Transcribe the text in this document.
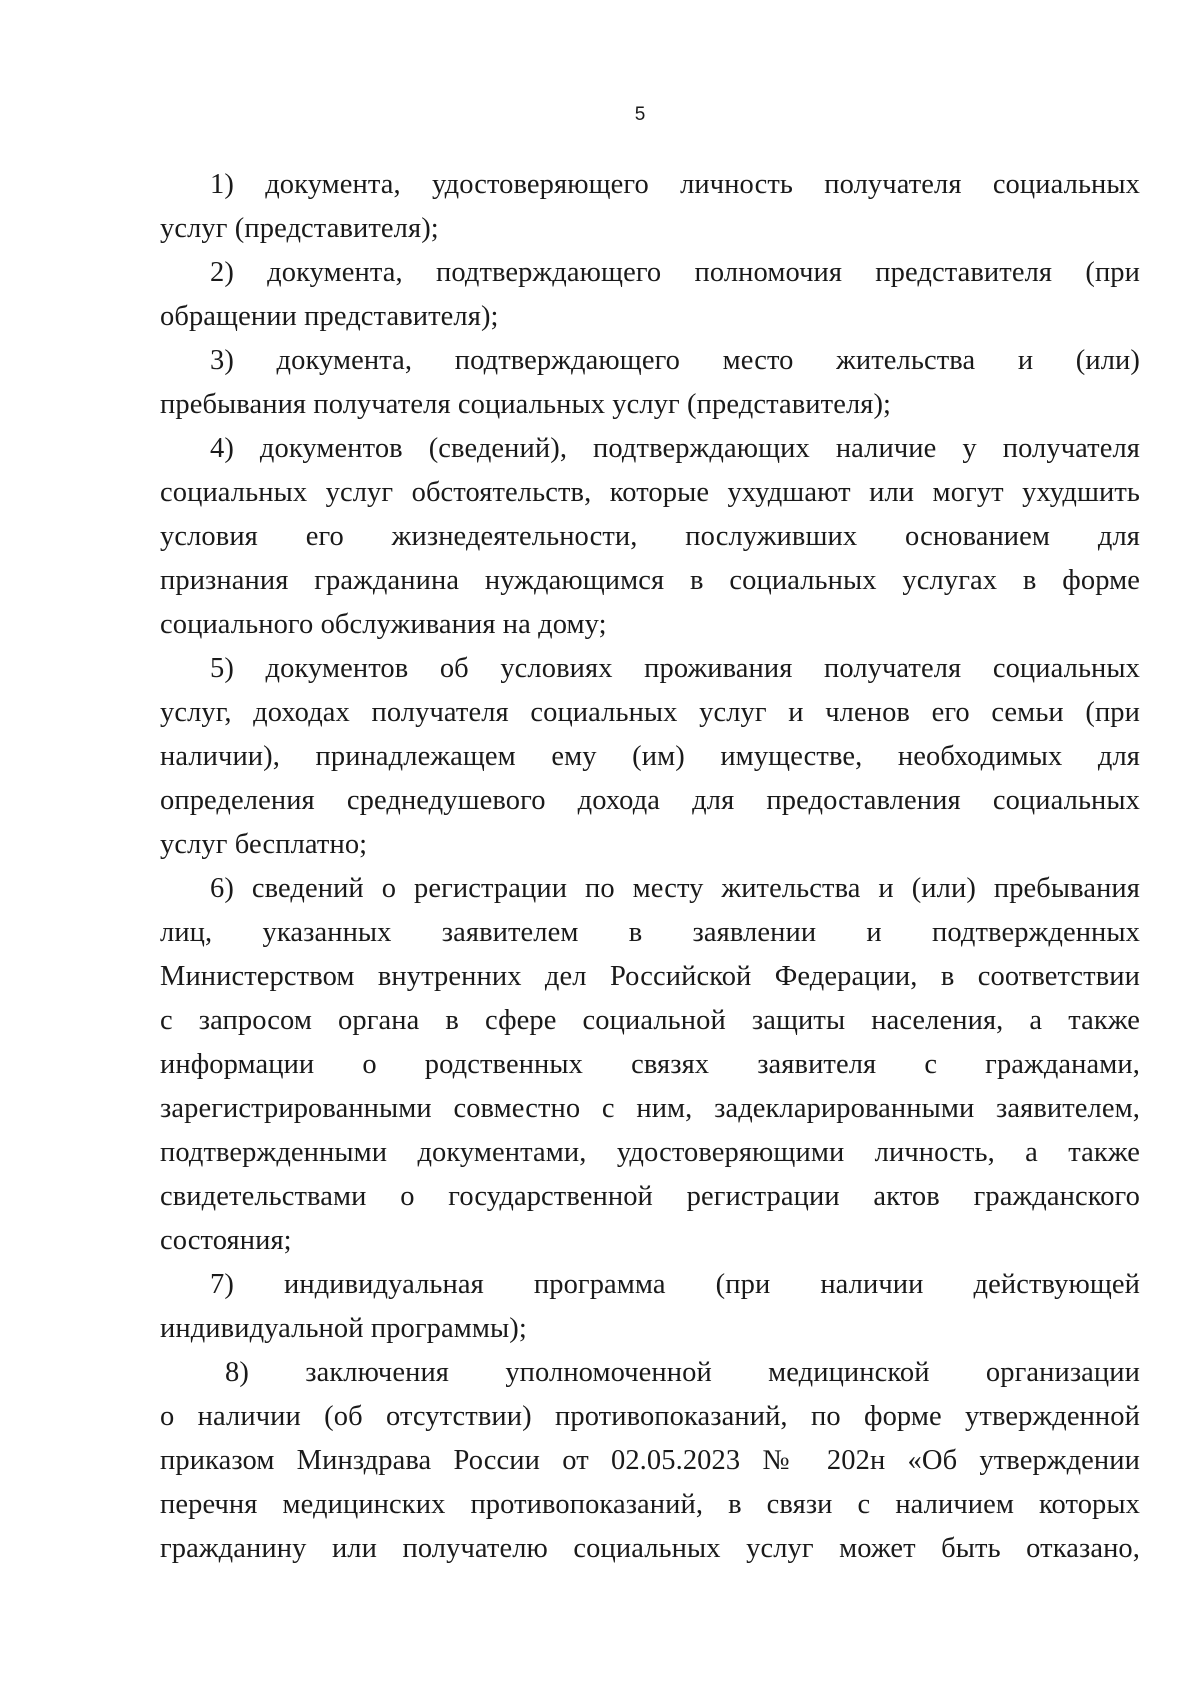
5
1) документа, удостоверяющего личность получателя социальных
услуг (представителя);
2) документа, подтверждающего полномочия представителя (при
обращении представителя);
3) документа, подтверждающего место жительства и (или)
пребывания получателя социальных услуг (представителя);
4) документов (сведений), подтверждающих наличие у получателя
социальных услуг обстоятельств, которые ухудшают или могут ухудшить
условия его жизнедеятельности, послуживших основанием для
признания гражданина нуждающимся в социальных услугах в форме
социального обслуживания на дому;
5) документов об условиях проживания получателя социальных
услуг, доходах получателя социальных услуг и членов его семьи (при
наличии), принадлежащем ему (им) имуществе, необходимых для
определения среднедушевого дохода для предоставления социальных
услуг бесплатно;
6) сведений о регистрации по месту жительства и (или) пребывания
лиц, указанных заявителем в заявлении и подтвержденных
Министерством внутренних дел Российской Федерации, в соответствии
с запросом органа в сфере социальной защиты населения, а также
информации о родственных связях заявителя с гражданами,
зарегистрированными совместно с ним, задекларированными заявителем,
подтвержденными документами, удостоверяющими личность, а также
свидетельствами о государственной регистрации актов гражданского
состояния;
7) индивидуальная программа (при наличии действующей
индивидуальной программы);
8) заключения уполномоченной медицинской организации
о наличии (об отсутствии) противопоказаний, по форме утвержденной
приказом Минздрава России от 02.05.2023 № 202н «Об утверждении
перечня медицинских противопоказаний, в связи с наличием которых
гражданину или получателю социальных услуг может быть отказано,
